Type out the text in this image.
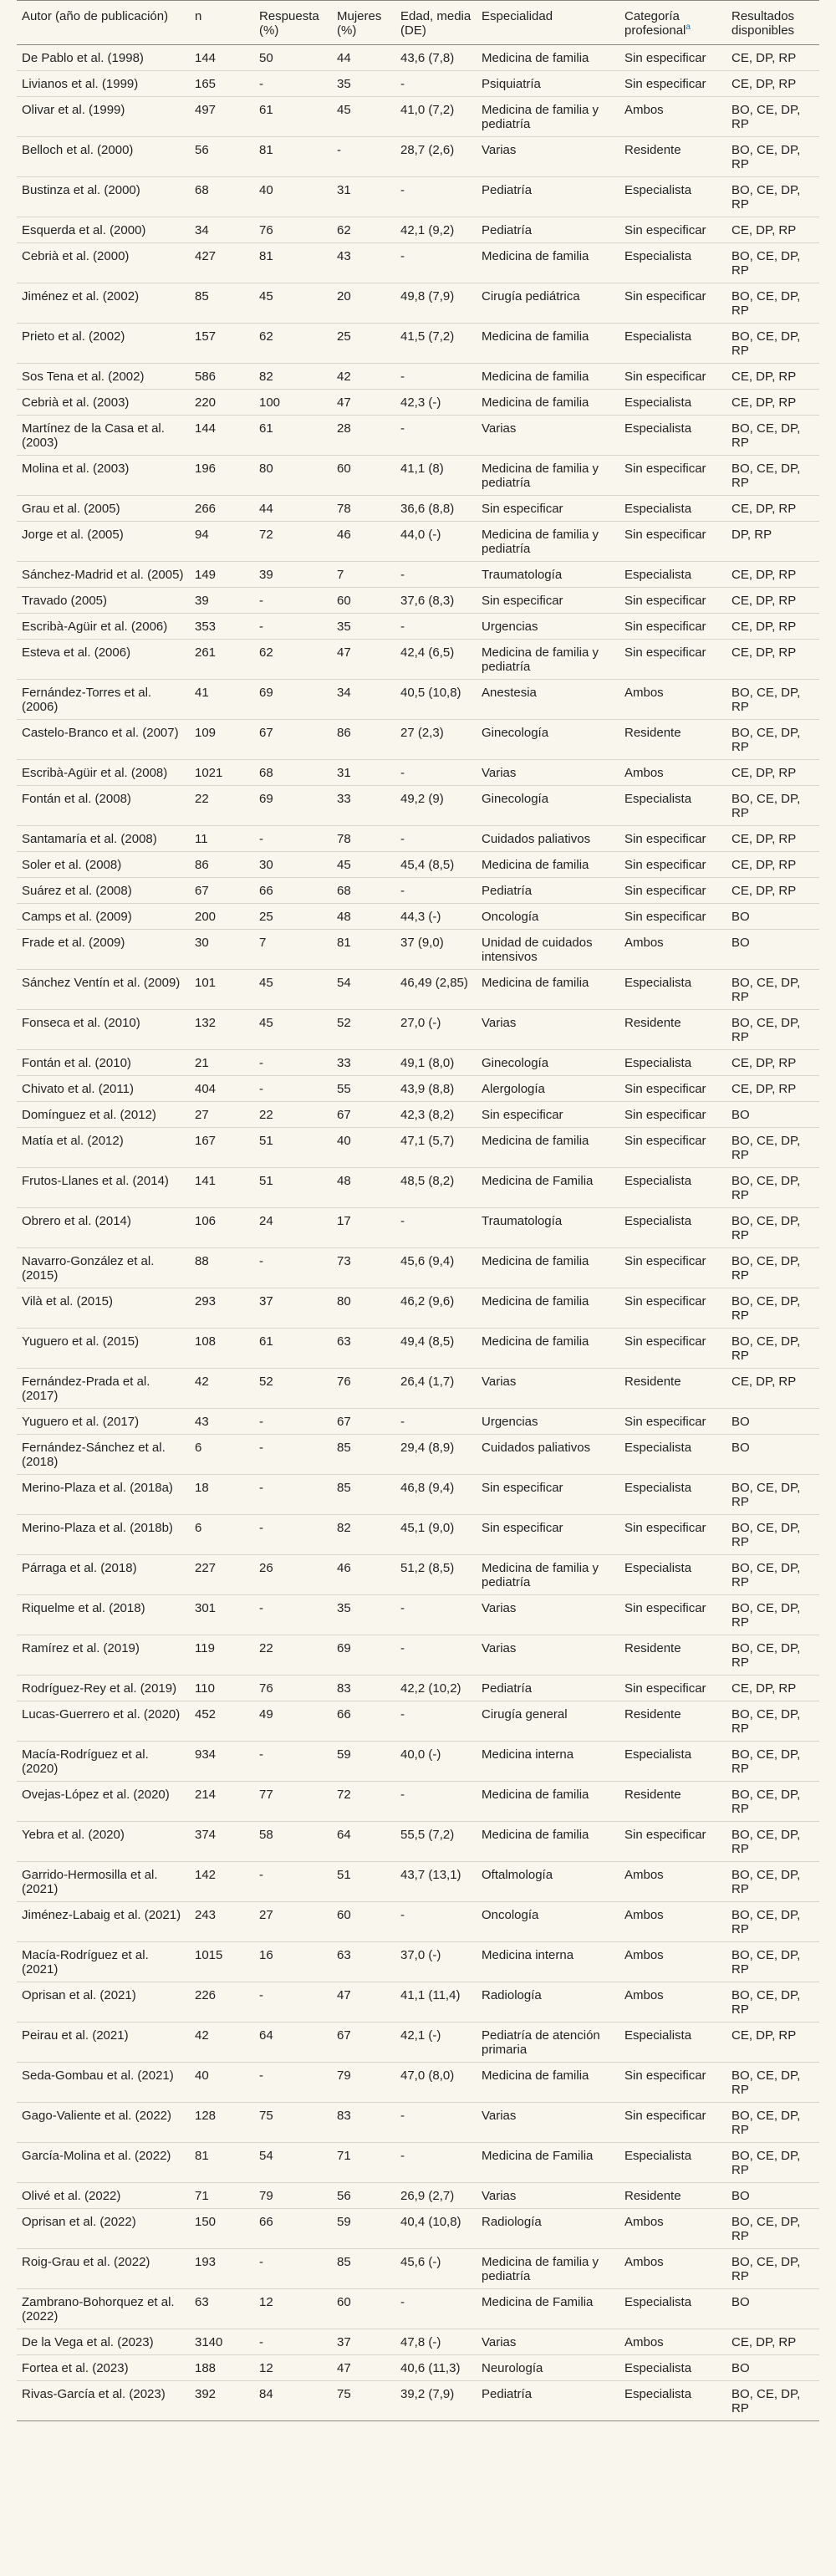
Autor (año de publicación)	n	Respuesta (%)	Mujeres (%)	Edad, media (DE)	Especialidad	Categoría profesional$^a$	Resultados disponibles
De Pablo et al. (1998)	144	50	44	43,6 (7,8)	Medicina de familia	Sin especificar	CE, DP, RP
Livianos et al. (1999)	165	-	35	-	Psiquiatría	Sin especificar	CE, DP, RP
Olivar et al. (1999)	497	61	45	41,0 (7,2)	Medicina de familia y pediatría	Ambos	BO, CE, DP, RP
Belloch et al. (2000)	56	81	-	28,7 (2,6)	Varias	Residente	BO, CE, DP, RP
Bustinza et al. (2000)	68	40	31	-	Pediatría	Especialista	BO, CE, DP, RP
Esquerda et al. (2000)	34	76	62	42,1 (9,2)	Pediatría	Sin especificar	CE, DP, RP
Cebrià et al. (2000)	427	81	43	-	Medicina de familia	Especialista	BO, CE, DP, RP
Jiménez et al. (2002)	85	45	20	49,8 (7,9)	Cirugía pediátrica	Sin especificar	BO, CE, DP, RP
Prieto et al. (2002)	157	62	25	41,5 (7,2)	Medicina de familia	Especialista	BO, CE, DP, RP
Sos Tena et al. (2002)	586	82	42	-	Medicina de familia	Sin especificar	CE, DP, RP
Cebrià et al. (2003)	220	100	47	42,3 (-)	Medicina de familia	Especialista	CE, DP, RP
Martínez de la Casa et al. (2003)	144	61	28	-	Varias	Especialista	BO, CE, DP, RP
Molina et al. (2003)	196	80	60	41,1 (8)	Medicina de familia y pediatría	Sin especificar	BO, CE, DP, RP
Grau et al. (2005)	266	44	78	36,6 (8,8)	Sin especificar	Especialista	CE, DP, RP
Jorge et al. (2005)	94	72	46	44,0 (-)	Medicina de familia y pediatría	Sin especificar	DP, RP
Sánchez-Madrid et al. (2005)	149	39	7	-	Traumatología	Especialista	CE, DP, RP
Travado (2005)	39	-	60	37,6 (8,3)	Sin especificar	Sin especificar	CE, DP, RP
Escribà-Agüir et al. (2006)	353	-	35	-	Urgencias	Sin especificar	CE, DP, RP
Esteva et al. (2006)	261	62	47	42,4 (6,5)	Medicina de familia y pediatría	Sin especificar	CE, DP, RP
Fernández-Torres et al. (2006)	41	69	34	40,5 (10,8)	Anestesia	Ambos	BO, CE, DP, RP
Castelo-Branco et al. (2007)	109	67	86	27 (2,3)	Ginecología	Residente	BO, CE, DP, RP
Escribà-Agüir et al. (2008)	1021	68	31	-	Varias	Ambos	CE, DP, RP
Fontán et al. (2008)	22	69	33	49,2 (9)	Ginecología	Especialista	BO, CE, DP, RP
Santamaría et al. (2008)	11	-	78	-	Cuidados paliativos	Sin especificar	CE, DP, RP
Soler et al. (2008)	86	30	45	45,4 (8,5)	Medicina de familia	Sin especificar	CE, DP, RP
Suárez et al. (2008)	67	66	68	-	Pediatría	Sin especificar	CE, DP, RP
Camps et al. (2009)	200	25	48	44,3 (-)	Oncología	Sin especificar	BO
Frade et al. (2009)	30	7	81	37 (9,0)	Unidad de cuidados intensivos	Ambos	BO
Sánchez Ventín et al. (2009)	101	45	54	46,49 (2,85)	Medicina de familia	Especialista	BO, CE, DP, RP
Fonseca et al. (2010)	132	45	52	27,0 (-)	Varias	Residente	BO, CE, DP, RP
Fontán et al. (2010)	21	-	33	49,1 (8,0)	Ginecología	Especialista	CE, DP, RP
Chivato et al. (2011)	404	-	55	43,9 (8,8)	Alergología	Sin especificar	CE, DP, RP
Domínguez et al. (2012)	27	22	67	42,3 (8,2)	Sin especificar	Sin especificar	BO
Matía et al. (2012)	167	51	40	47,1 (5,7)	Medicina de familia	Sin especificar	BO, CE, DP, RP
Frutos-Llanes et al. (2014)	141	51	48	48,5 (8,2)	Medicina de Familia	Especialista	BO, CE, DP, RP
Obrero et al. (2014)	106	24	17	-	Traumatología	Especialista	BO, CE, DP, RP
Navarro-González et al. (2015)	88	-	73	45,6 (9,4)	Medicina de familia	Sin especificar	BO, CE, DP, RP
Vilà et al. (2015)	293	37	80	46,2 (9,6)	Medicina de familia	Sin especificar	BO, CE, DP, RP
Yuguero et al. (2015)	108	61	63	49,4 (8,5)	Medicina de familia	Sin especificar	BO, CE, DP, RP
Fernández-Prada et al. (2017)	42	52	76	26,4 (1,7)	Varias	Residente	CE, DP, RP
Yuguero et al. (2017)	43	-	67	-	Urgencias	Sin especificar	BO
Fernández-Sánchez et al. (2018)	6	-	85	29,4 (8,9)	Cuidados paliativos	Especialista	BO
Merino-Plaza et al. (2018a)	18	-	85	46,8 (9,4)	Sin especificar	Especialista	BO, CE, DP, RP
Merino-Plaza et al. (2018b)	6	-	82	45,1 (9,0)	Sin especificar	Sin especificar	BO, CE, DP, RP
Párraga et al. (2018)	227	26	46	51,2 (8,5)	Medicina de familia y pediatría	Especialista	BO, CE, DP, RP
Riquelme et al. (2018)	301	-	35	-	Varias	Sin especificar	BO, CE, DP, RP
Ramírez et al. (2019)	119	22	69	-	Varias	Residente	BO, CE, DP, RP
Rodríguez-Rey et al. (2019)	110	76	83	42,2 (10,2)	Pediatría	Sin especificar	CE, DP, RP
Lucas-Guerrero et al. (2020)	452	49	66	-	Cirugía general	Residente	BO, CE, DP, RP
Macía-Rodríguez et al. (2020)	934	-	59	40,0 (-)	Medicina interna	Especialista	BO, CE, DP, RP
Ovejas-López et al. (2020)	214	77	72	-	Medicina de familia	Residente	BO, CE, DP, RP
Yebra et al. (2020)	374	58	64	55,5 (7,2)	Medicina de familia	Sin especificar	BO, CE, DP, RP
Garrido-Hermosilla et al. (2021)	142	-	51	43,7 (13,1)	Oftalmología	Ambos	BO, CE, DP, RP
Jiménez-Labaig et al. (2021)	243	27	60	-	Oncología	Ambos	BO, CE, DP, RP
Macía-Rodríguez et al. (2021)	1015	16	63	37,0 (-)	Medicina interna	Ambos	BO, CE, DP, RP
Oprisan et al. (2021)	226	-	47	41,1 (11,4)	Radiología	Ambos	BO, CE, DP, RP
Peirau et al. (2021)	42	64	67	42,1 (-)	Pediatría de atención primaria	Especialista	CE, DP, RP
Seda-Gombau et al. (2021)	40	-	79	47,0 (8,0)	Medicina de familia	Sin especificar	BO, CE, DP, RP
Gago-Valiente et al. (2022)	128	75	83	-	Varias	Sin especificar	BO, CE, DP, RP
García-Molina et al. (2022)	81	54	71	-	Medicina de Familia	Especialista	BO, CE, DP, RP
Olivé et al. (2022)	71	79	56	26,9 (2,7)	Varias	Residente	BO
Oprisan et al. (2022)	150	66	59	40,4 (10,8)	Radiología	Ambos	BO, CE, DP, RP
Roig-Grau et al. (2022)	193	-	85	45,6 (-)	Medicina de familia y pediatría	Ambos	BO, CE, DP, RP
Zambrano-Bohorquez et al. (2022)	63	12	60	-	Medicina de Familia	Especialista	BO
De la Vega et al. (2023)	3140	-	37	47,8 (-)	Varias	Ambos	CE, DP, RP
Fortea et al. (2023)	188	12	47	40,6 (11,3)	Neurología	Especialista	BO
Rivas-García et al. (2023)	392	84	75	39,2 (7,9)	Pediatría	Especialista	BO, CE, DP, RP
